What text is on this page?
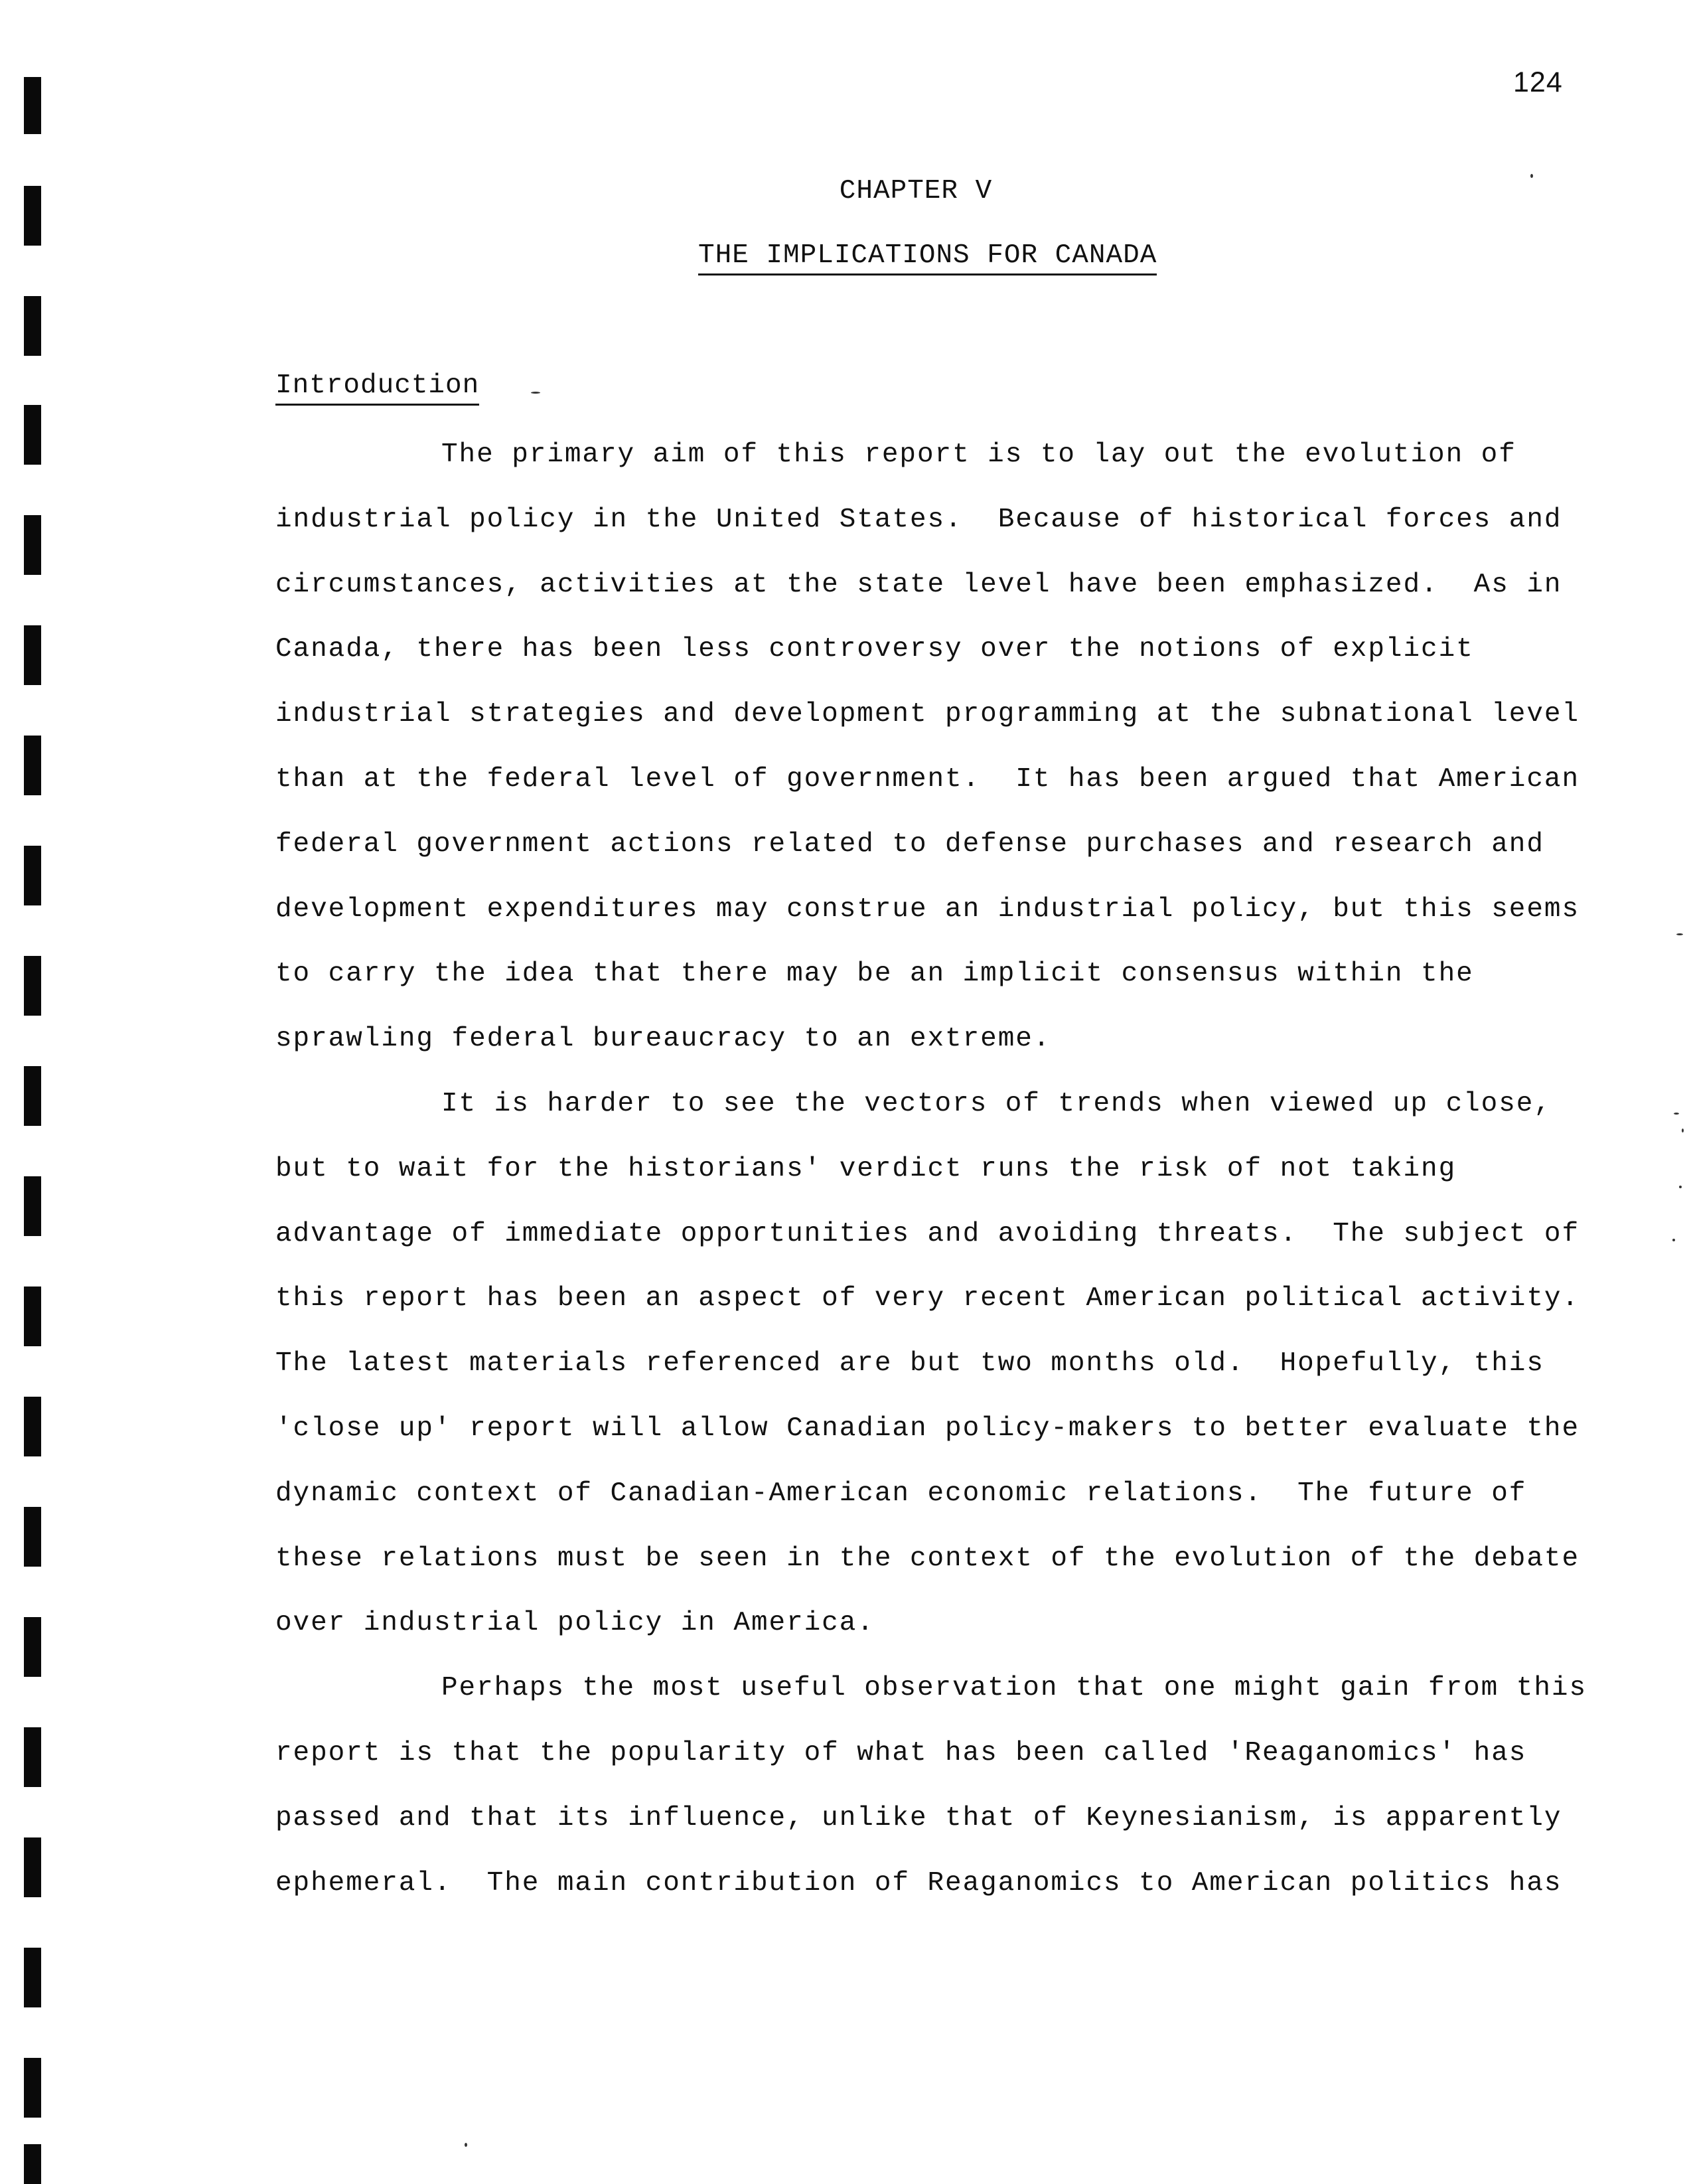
124
CHAPTER V
THE IMPLICATIONS FOR CANADA
Introduction
The primary aim of this report is to lay out the evolution of
industrial policy in the United States.  Because of historical forces and
circumstances, activities at the state level have been emphasized.  As in
Canada, there has been less controversy over the notions of explicit
industrial strategies and development programming at the subnational level
than at the federal level of government.  It has been argued that American
federal government actions related to defense purchases and research and
development expenditures may construe an industrial policy, but this seems
to carry the idea that there may be an implicit consensus within the
sprawling federal bureaucracy to an extreme.
It is harder to see the vectors of trends when viewed up close,
but to wait for the historians' verdict runs the risk of not taking
advantage of immediate opportunities and avoiding threats.  The subject of
this report has been an aspect of very recent American political activity.
The latest materials referenced are but two months old.  Hopefully, this
'close up' report will allow Canadian policy-makers to better evaluate the
dynamic context of Canadian-American economic relations.  The future of
these relations must be seen in the context of the evolution of the debate
over industrial policy in America.
Perhaps the most useful observation that one might gain from this
report is that the popularity of what has been called 'Reaganomics' has
passed and that its influence, unlike that of Keynesianism, is apparently
ephemeral.  The main contribution of Reaganomics to American politics has
